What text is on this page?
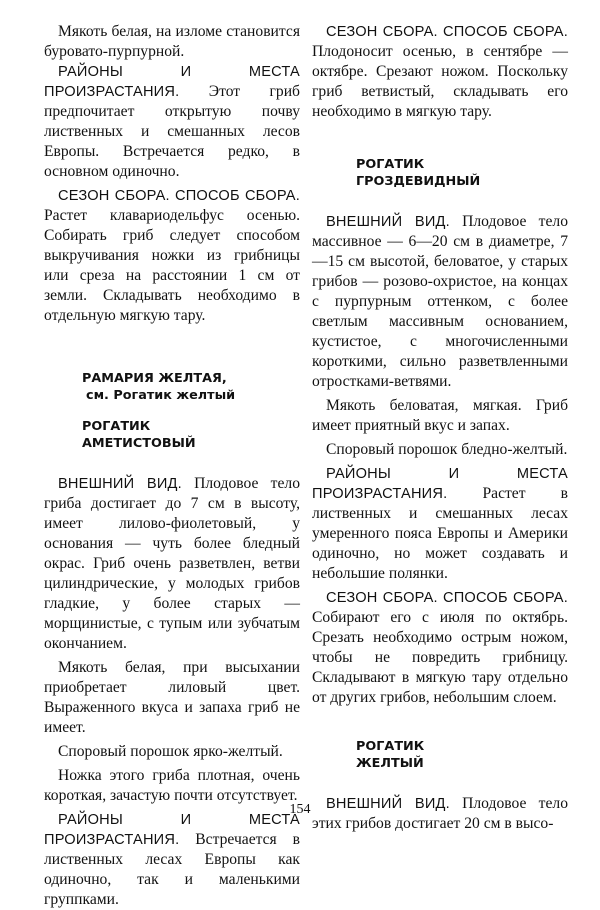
Мякоть белая, на изломе становится буровато-пурпурной.

РАЙОНЫ И МЕСТА ПРОИЗРАСТАНИЯ. Этот гриб предпочитает открытую почву лиственных и смешанных лесов Европы. Встречается редко, в основном одиночно.

СЕЗОН СБОРА. СПОСОБ СБОРА. Растет клавариодельфус осенью. Собирать гриб следует способом выкручивания ножки из грибницы или среза на расстоянии 1 см от земли. Складывать необходимо в отдельную мягкую тару.

РАМАРИЯ ЖЕЛТАЯ,
см. Рогатик желтый
РОГАТИК
АМЕТИСТОВЫЙ

ВНЕШНИЙ ВИД. Плодовое тело гриба достигает до 7 см в высоту, имеет лилово-фиолетовый, у основания — чуть более бледный окрас. Гриб очень разветвлен, ветви цилиндрические, у молодых грибов гладкие, у более старых — морщинистые, с тупым или зубчатым окончанием.

Мякоть белая, при высыхании приобретает лиловый цвет. Выраженного вкуса и запаха гриб не имеет.

Споровый порошок ярко-желтый.

Ножка этого гриба плотная, очень короткая, зачастую почти отсутствует.

РАЙОНЫ И МЕСТА ПРОИЗРАСТАНИЯ. Встречается в лиственных лесах Европы как одиночно, так и маленькими группками.

СЕЗОН СБОРА. СПОСОБ СБОРА. Плодоносит осенью, в сентябре — октябре. Срезают ножом. Поскольку гриб ветвистый, складывать его необходимо в мягкую тару.

РОГАТИК
ГРОЗДЕВИДНЫЙ

ВНЕШНИЙ ВИД. Плодовое тело массивное — 6—20 см в диаметре, 7—15 см высотой, беловатое, у старых грибов — розово-охристое, на концах с пурпурным оттенком, с более светлым массивным основанием, кустистое, с многочисленными короткими, сильно разветвленными отростками-ветвями.

Мякоть беловатая, мягкая. Гриб имеет приятный вкус и запах.

Споровый порошок бледно-желтый.

РАЙОНЫ И МЕСТА ПРОИЗРАСТАНИЯ. Растет в лиственных и смешанных лесах умеренного пояса Европы и Америки одиночно, но может создавать и небольшие полянки.

СЕЗОН СБОРА. СПОСОБ СБОРА. Собирают его с июля по октябрь. Срезать необходимо острым ножом, чтобы не повредить грибницу. Складывают в мягкую тару отдельно от других грибов, небольшим слоем.

РОГАТИК
ЖЕЛТЫЙ

ВНЕШНИЙ ВИД. Плодовое тело этих грибов достигает 20 см в высо-

154
